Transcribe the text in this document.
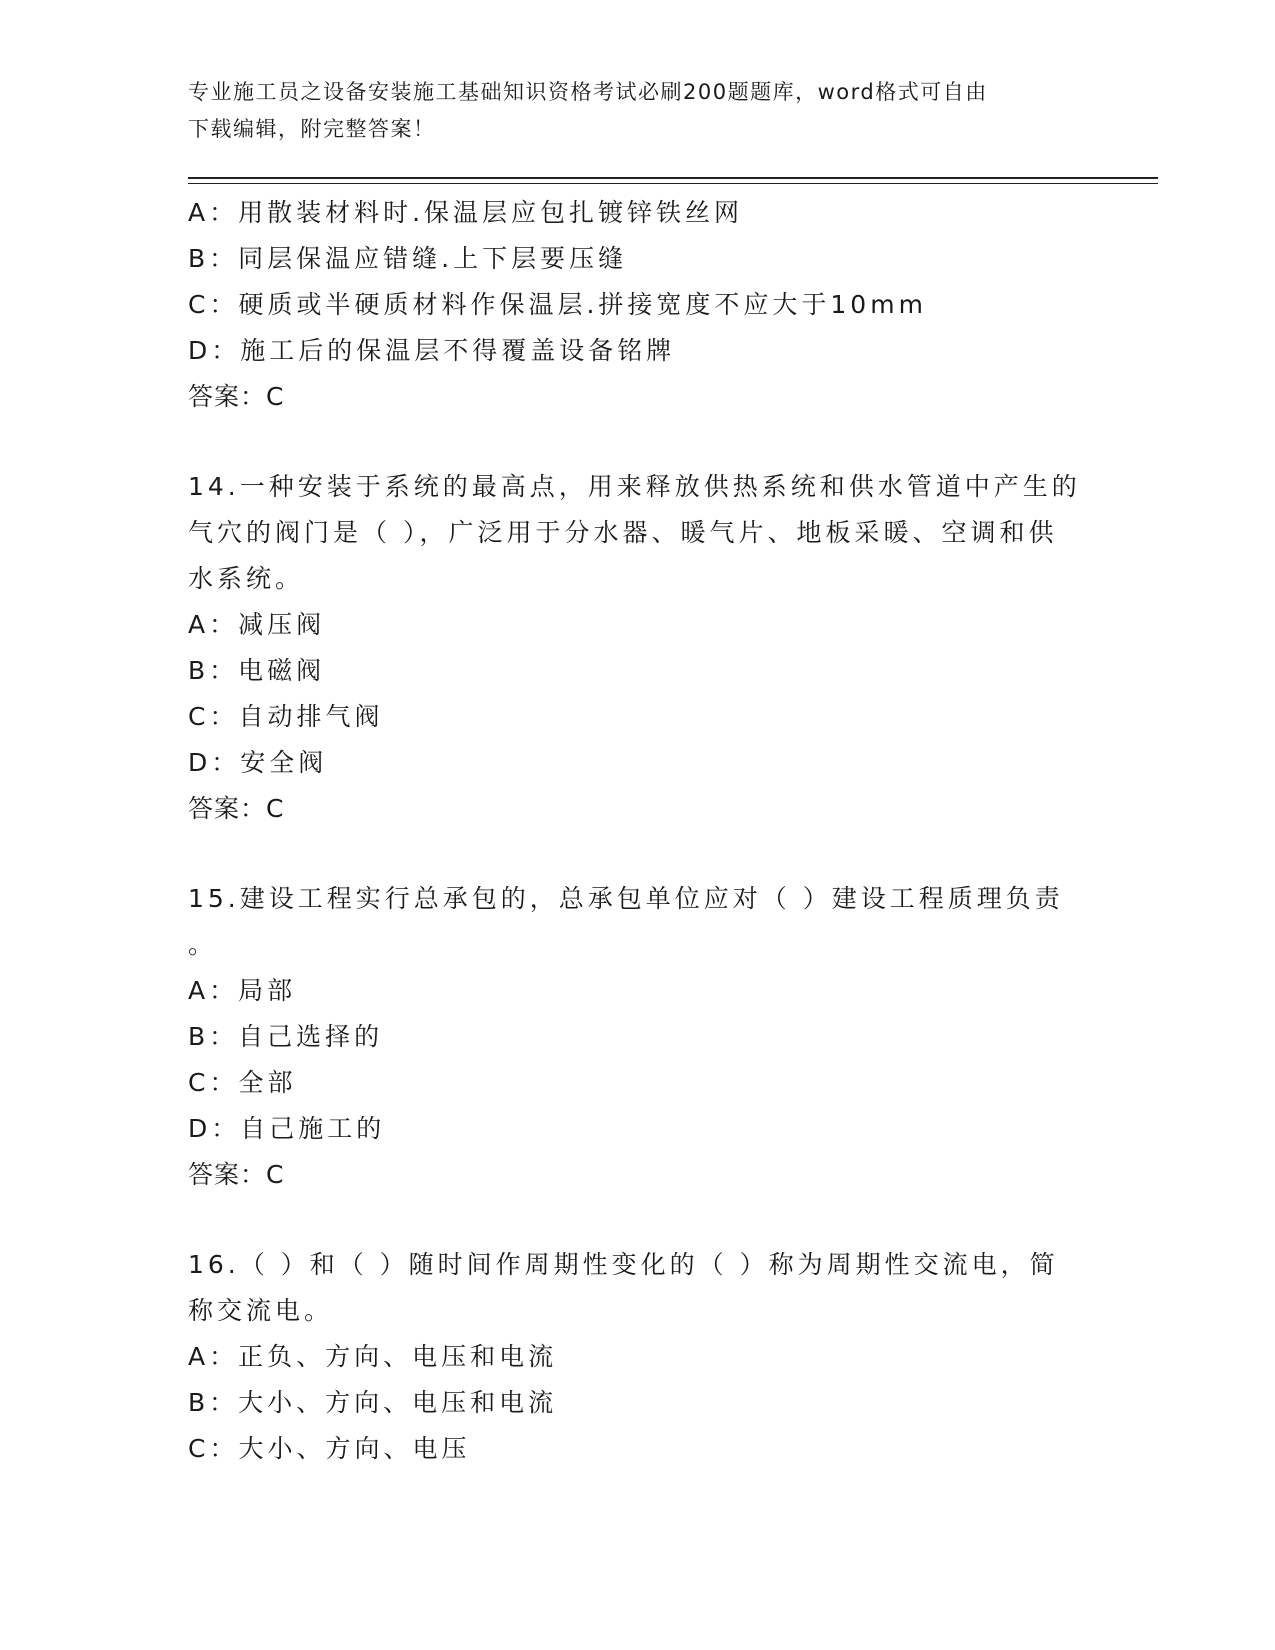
专业施工员之设备安装施工基础知识资格考试必刷200题题库，word格式可自由
下载编辑，附完整答案！
A：用散装材料时.保温层应包扎镀锌铁丝网
B：同层保温应错缝.上下层要压缝
C：硬质或半硬质材料作保温层.拼接宽度不应大于10mm
D：施工后的保温层不得覆盖设备铭牌
答案：C
14.一种安装于系统的最高点，用来释放供热系统和供水管道中产生的
气穴的阀门是（ ），广泛用于分水器、暖气片、地板采暖、空调和供
水系统。
A：减压阀
B：电磁阀
C：自动排气阀
D：安全阀
答案：C
15.建设工程实行总承包的，总承包单位应对（ ）建设工程质理负责
。
A：局部
B：自己选择的
C：全部
D：自己施工的
答案：C
16.（ ）和（ ）随时间作周期性变化的（ ）称为周期性交流电，简
称交流电。
A：正负、方向、电压和电流
B：大小、方向、电压和电流
C：大小、方向、电压
